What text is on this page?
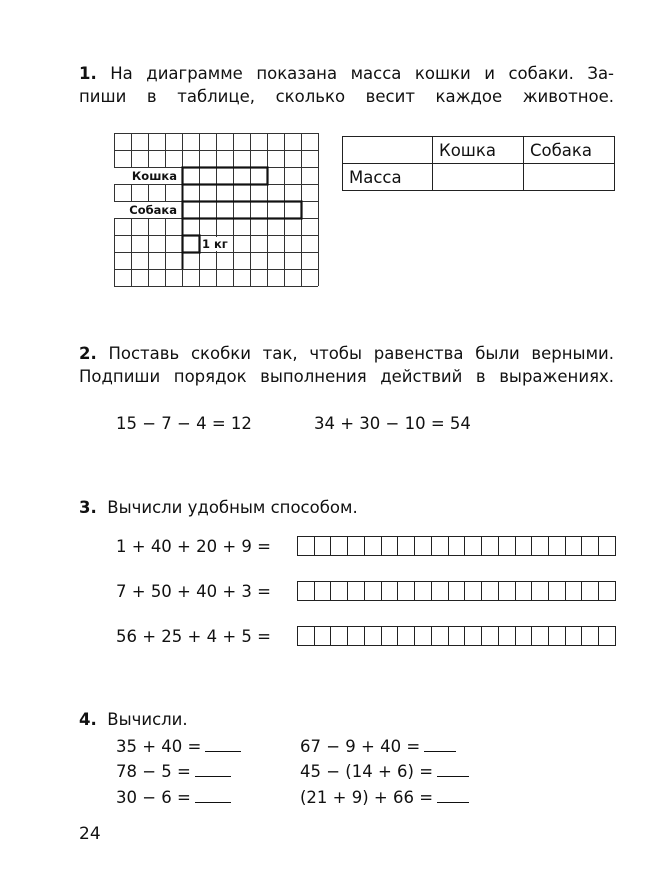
1. На диаграмме показана масса кошки и собаки. За-
пиши в таблице, сколько весит каждое животное.
Кошка
Собака
1 кг
	Кошка	Собака
Масса		
2. Поставь скобки так, чтобы равенства были верными.
Подпиши порядок выполнения действий в выражениях.
15 − 7 − 4 = 12	34 + 30 − 10 = 54
3. Вычисли удобным способом.
1 + 40 + 20 + 9 =
7 + 50 + 40 + 3 =
56 + 25 + 4 + 5 =
4. Вычисли.
35 + 40 =
78 − 5 =
30 − 6 =
67 − 9 + 40 =
45 − (14 + 6) =
(21 + 9) + 66 =
24
